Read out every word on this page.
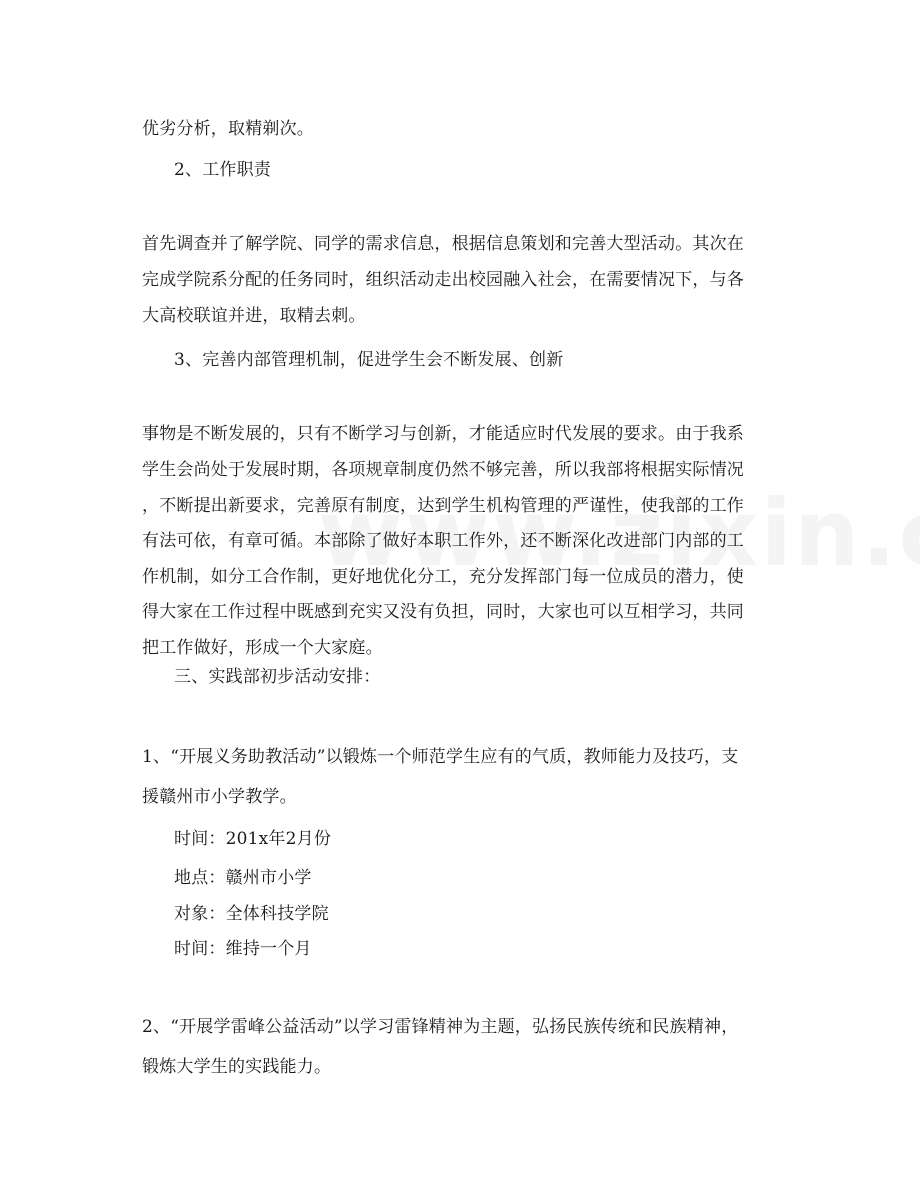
优劣分析，取精剃次。
2、工作职责
首先调查并了解学院、同学的需求信息，根据信息策划和完善大型活动。其次在
完成学院系分配的任务同时，组织活动走出校园融入社会，在需要情况下，与各
大高校联谊并进，取精去刺。
3、完善内部管理机制，促进学生会不断发展、创新
事物是不断发展的，只有不断学习与创新，才能适应时代发展的要求。由于我系
学生会尚处于发展时期，各项规章制度仍然不够完善，所以我部将根据实际情况
，不断提出新要求，完善原有制度，达到学生机构管理的严谨性，使我部的工作
有法可依，有章可循。本部除了做好本职工作外，还不断深化改进部门内部的工
作机制，如分工合作制，更好地优化分工，充分发挥部门每一位成员的潜力，使
得大家在工作过程中既感到充实又没有负担，同时，大家也可以互相学习，共同
把工作做好，形成一个大家庭。
三、实践部初步活动安排：
1、“开展义务助教活动”以锻炼一个师范学生应有的气质，教师能力及技巧，支
援赣州市小学教学。
时间：201x年2月份
地点：赣州市小学
对象：全体科技学院
时间：维持一个月
2、“开展学雷峰公益活动”以学习雷锋精神为主题，弘扬民族传统和民族精神，
锻炼大学生的实践能力。
